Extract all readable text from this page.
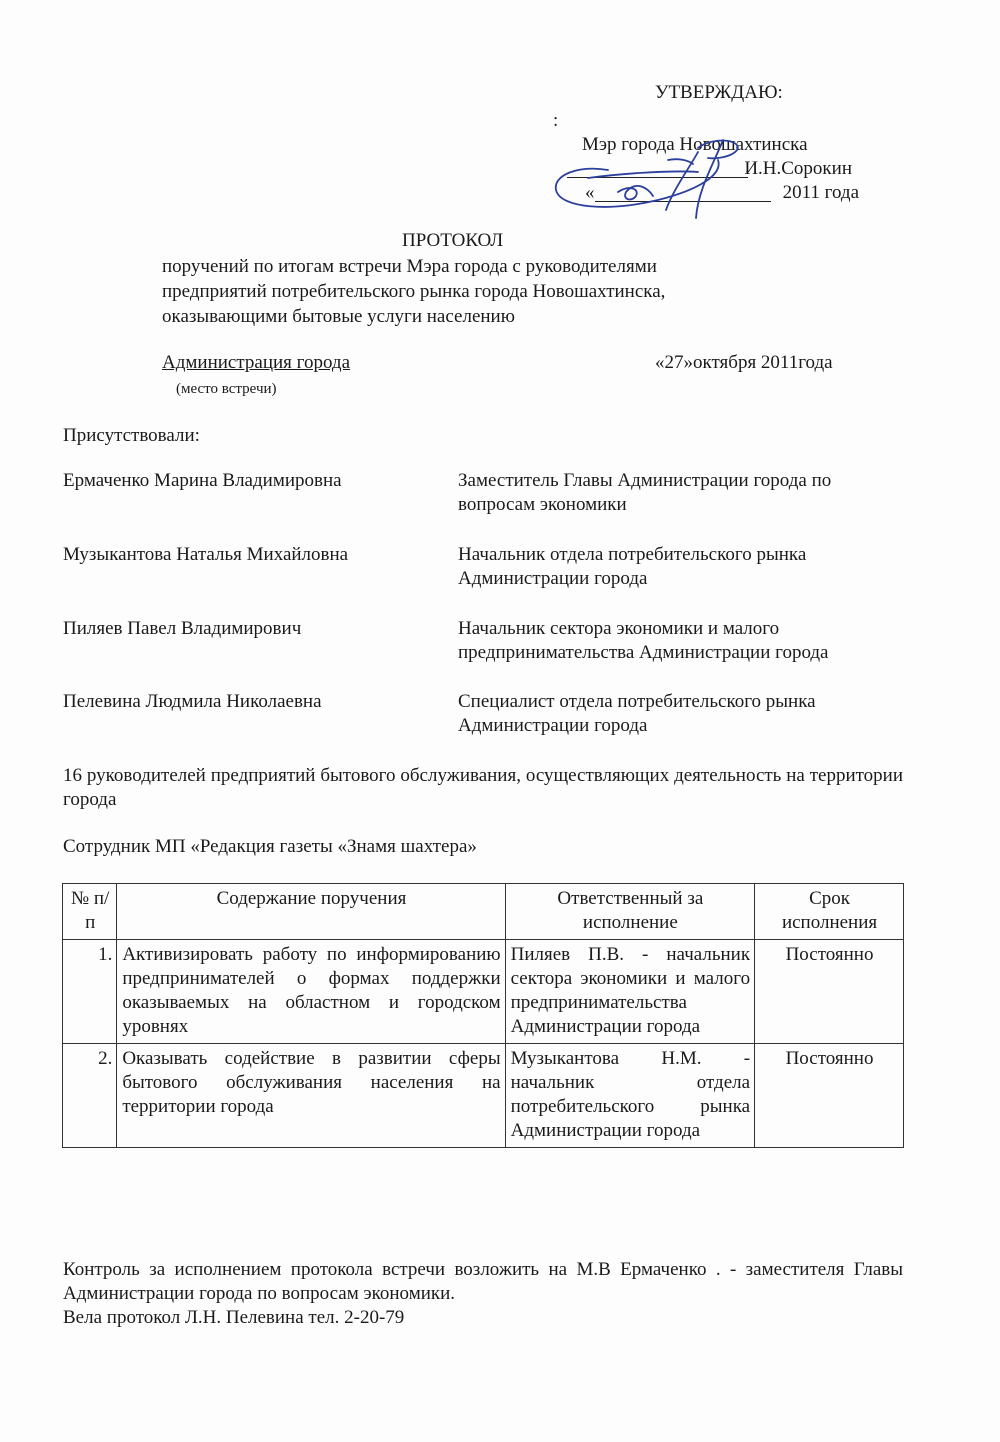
УТВЕРЖДАЮ:
:
Мэр города Новошахтинска
И.Н.Сорокин
«	2011 года
ПРОТОКОЛ
поручений по итогам встречи Мэра города с руководителями предприятий потребительского рынка города Новошахтинска, оказывающими бытовые услуги населению
Администрация города	«27»октября 2011года
(место встречи)
Присутствовали:
Ермаченко Марина Владимировна	Заместитель Главы Администрации города по вопросам экономики
Музыкантова Наталья Михайловна	Начальник отдела потребительского рынка Администрации города
Пиляев Павел Владимирович	Начальник сектора экономики и малого предпринимательства Администрации города
Пелевина Людмила Николаевна	Специалист отдела потребительского рынка Администрации города
16 руководителей предприятий бытового обслуживания, осуществляющих деятельность на территории города
Сотрудник МП «Редакция газеты «Знамя шахтера»
№ п/п	Содержание поручения	Ответственный за исполнение	Срок исполнения
1.	Активизировать работу по информированию предпринимателей о формах поддержки оказываемых на областном и городском уровнях	Пиляев П.В. - начальник сектора экономики и малого предпринимательства Администрации города	Постоянно
2.	Оказывать содействие в развитии сферы бытового обслуживания населения на территории города	Музыкантова Н.М. - начальник отдела потребительского рынка Администрации города	Постоянно
Контроль за исполнением протокола встречи возложить на М.В Ермаченко . - заместителя Главы Администрации города по вопросам экономики.
Вела протокол Л.Н. Пелевина тел. 2-20-79
